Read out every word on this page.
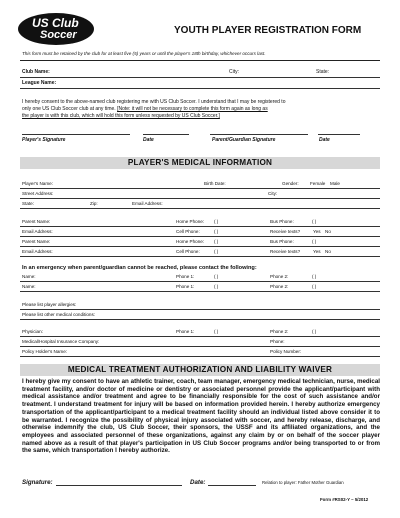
US Club
Soccer	YOUTH PLAYER REGISTRATION FORM
This form must be retained by the club for at least five (5) years or until the player's 18th birthday, whichever occurs last.
Club Name:	City:	State:
League Name:
I hereby consent to the above-named club registering me with US Club Soccer. I understand that I may be registered to
only one US Club Soccer club at any time. [Note: it will not be necessary to complete this form again as long as
the player is with this club, which will hold this form unless requested by US Club Soccer.]
Player's Signature	Date	Parent/Guardian Signature	Date
PLAYER'S MEDICAL INFORMATION
Player's Name:	Birth Date:	Gender: Female Male
Street Address:	City:
State:	Zip:	Email Address:
Parent Name:	Home Phone: ( )	Bus Phone:	( )
Email Address:	Cell Phone:	( )	Receive texts?	Yes No
Parent Name:	Home Phone: ( )	Bus Phone:	( )
Email Address:	Cell Phone:	( )	Receive texts?	Yes No
In an emergency when parent/guardian cannot be reached, please contact the following:
Name:	Phone 1:	( )	Phone 2:	( )
Name:	Phone 1:	( )	Phone 2:	( )
Please list player allergies:
Please list other medical conditions:
Physician:	Phone 1:	( )	Phone 2:	( )
Medical/Hospital Insurance Company:	Phone:
Policy Holder's Name:	Policy Number:
MEDICAL TREATMENT AUTHORIZATION AND LIABILITY WAIVER
I hereby give my consent to have an athletic trainer, coach, team manager, emergency medical technician, nurse, medical treatment facility, and/or doctor of medicine or dentistry or associated personnel provide the applicant/participant with medical assistance and/or treatment and agree to be financially responsible for the cost of such assistance and/or treatment. I understand treatment for injury will be based on information provided herein. I hereby authorize emergency transportation of the applicant/participant to a medical treatment facility should an individual listed above consider it to be warranted. I recognize the possibility of physical injury associated with soccer, and hereby release, discharge, and otherwise indemnify the club, US Club Soccer, their sponsors, the USSF and its affiliated organizations, and the employees and associated personnel of these organizations, against any claim by or on behalf of the soccer player named above as a result of that player's participation in US Club Soccer programs and/or being transported to or from the same, which transportation I hereby authorize.
Signature:	Date:	Relation to player: Father Mother Guardian
Form #RS02-Y – 5/2012
